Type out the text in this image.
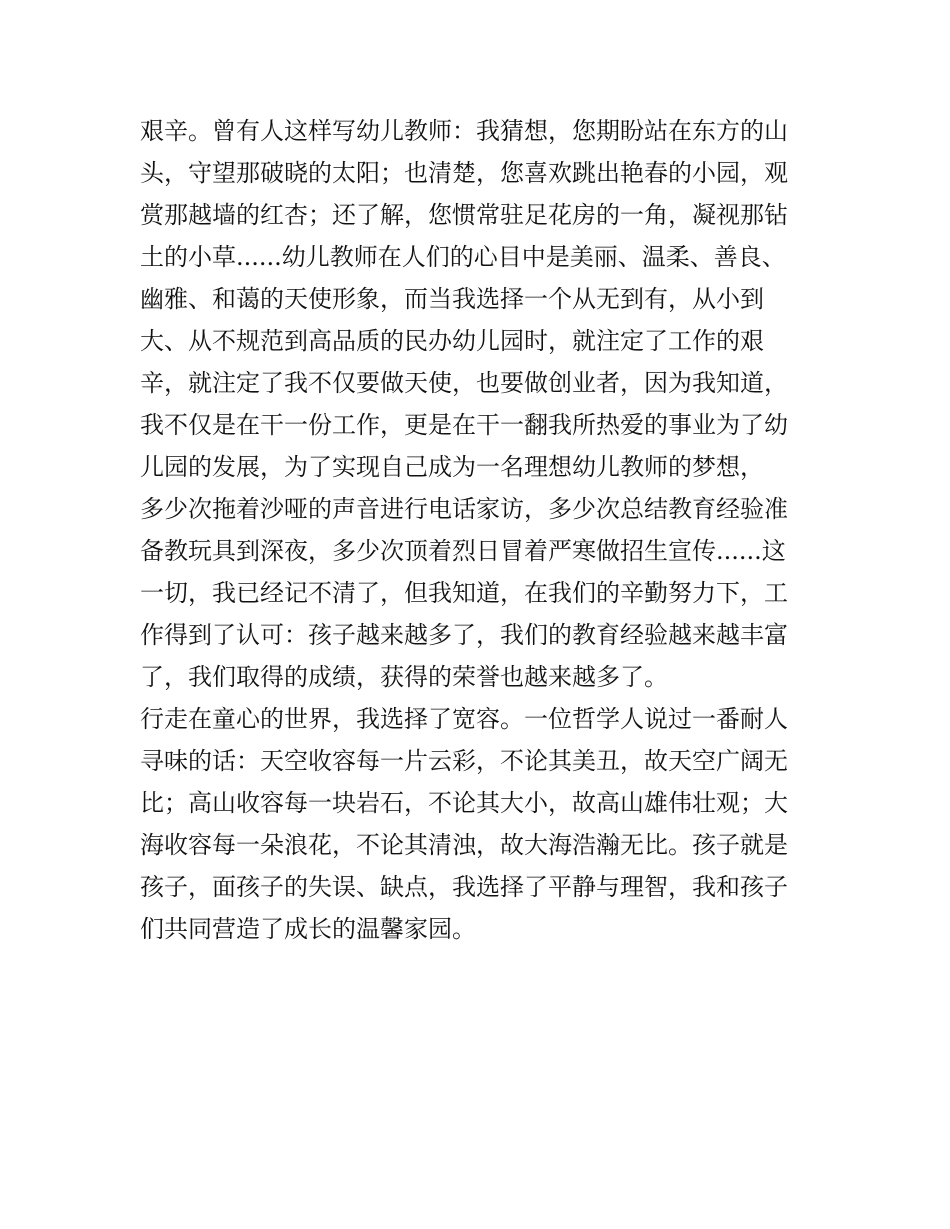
艰辛。曾有人这样写幼儿教师：我猜想，您期盼站在东方的山
头，守望那破晓的太阳；也清楚，您喜欢跳出艳春的小园，观
赏那越墙的红杏；还了解，您惯常驻足花房的一角，凝视那钻
土的小草......幼儿教师在人们的心目中是美丽、温柔、善良、
幽雅、和蔼的天使形象，而当我选择一个从无到有，从小到
大、从不规范到高品质的民办幼儿园时，就注定了工作的艰
辛，就注定了我不仅要做天使，也要做创业者，因为我知道，
我不仅是在干一份工作，更是在干一翻我所热爱的事业为了幼
儿园的发展，为了实现自己成为一名理想幼儿教师的梦想，
多少次拖着沙哑的声音进行电话家访，多少次总结教育经验准
备教玩具到深夜，多少次顶着烈日冒着严寒做招生宣传......这
一切，我已经记不清了，但我知道，在我们的辛勤努力下，工
作得到了认可：孩子越来越多了，我们的教育经验越来越丰富
了，我们取得的成绩，获得的荣誉也越来越多了。
行走在童心的世界，我选择了宽容。一位哲学人说过一番耐人
寻味的话：天空收容每一片云彩，不论其美丑，故天空广阔无
比；高山收容每一块岩石，不论其大小，故高山雄伟壮观；大
海收容每一朵浪花，不论其清浊，故大海浩瀚无比。孩子就是
孩子，面孩子的失误、缺点，我选择了平静与理智，我和孩子
们共同营造了成长的温馨家园。
